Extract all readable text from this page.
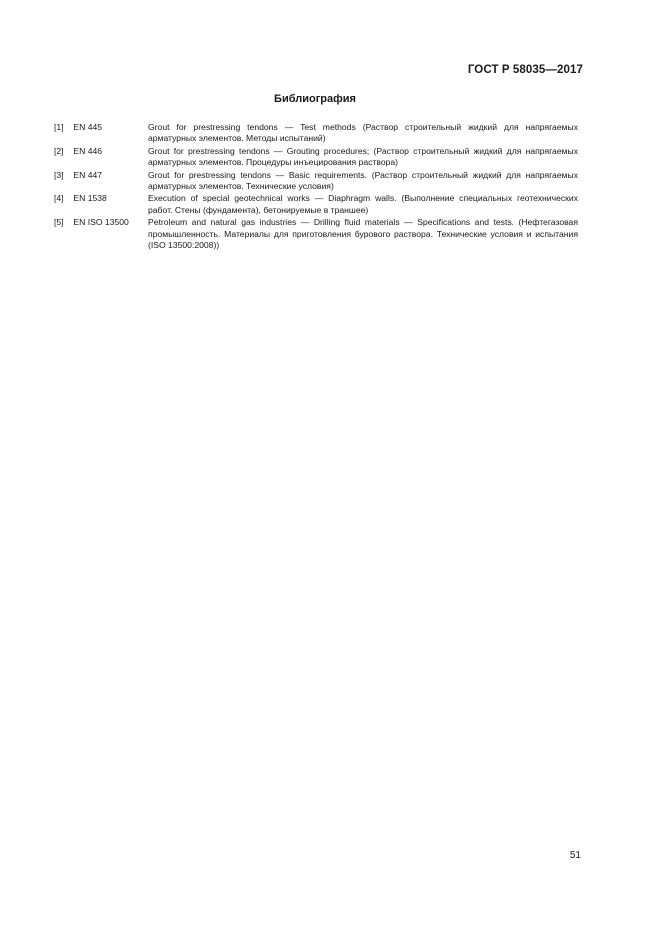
ГОСТ Р 58035—2017
Библиография
[1] EN 445	Grout for prestressing tendons — Test methods (Раствор строительный жидкий для напрягаемых арматурных элементов. Методы испытаний)
[2] EN 446	Grout for prestressing tendons — Grouting procedures; (Раствор строительный жидкий для напрягаемых арматурных элементов. Процедуры инъецирования раствора)
[3] EN 447	Grout for prestressing tendons — Basic requirements. (Раствор строительный жидкий для напрягаемых арматурных элементов. Технические условия)
[4] EN 1538	Execution of special geotechnical works — Diaphragm walls. (Выполнение специальных геотехнических работ. Стены (фундамента), бетонируемые в траншее)
[5] EN ISO 13500	Petroleum and natural gas industries — Drilling fluid materials — Specifications and tests. (Нефтегазовая промышленность. Материалы для приготовления бурового раствора. Технические условия и испытания (ISO 13500:2008))
51
